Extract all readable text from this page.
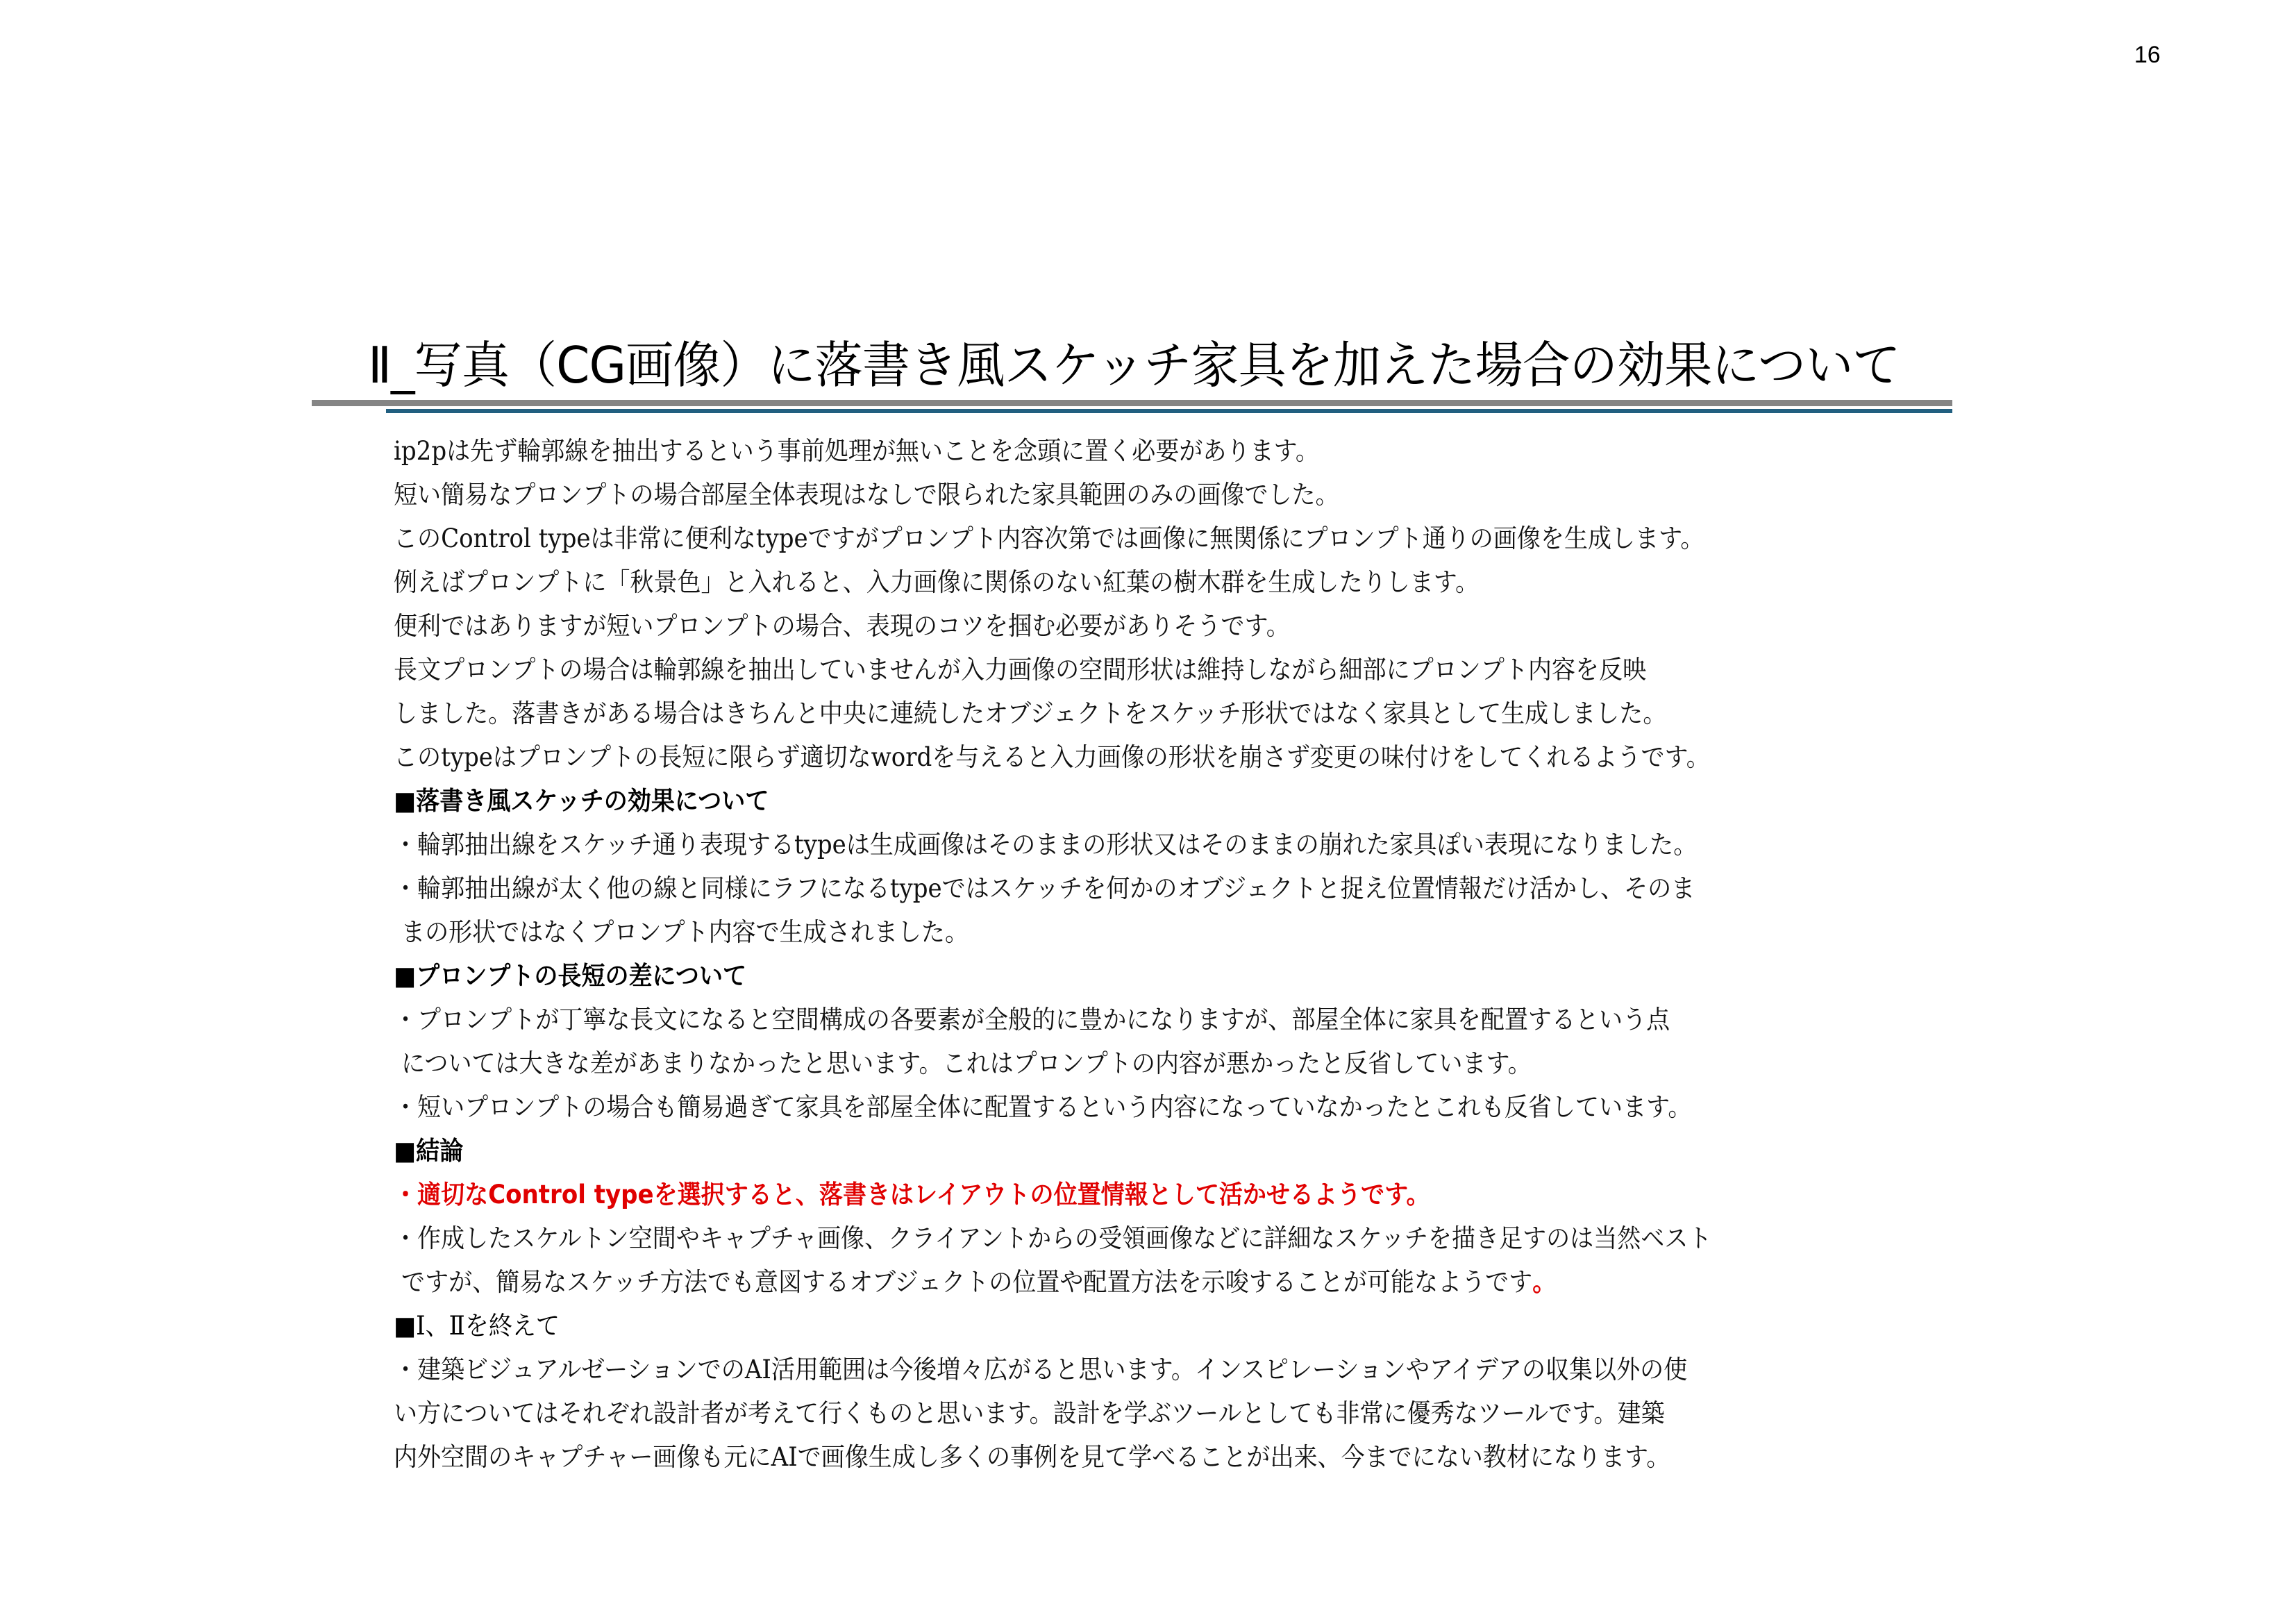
16
Ⅱ_写真（CG画像）に落書き風スケッチ家具を加えた場合の効果について
ip2pは先ず輪郭線を抽出するという事前処理が無いことを念頭に置く必要があります。
短い簡易なプロンプトの場合部屋全体表現はなしで限られた家具範囲のみの画像でした。
このControl typeは非常に便利なtypeですがプロンプト内容次第では画像に無関係にプロンプト通りの画像を生成します。
例えばプロンプトに「秋景色」と入れると、入力画像に関係のない紅葉の樹木群を生成したりします。
便利ではありますが短いプロンプトの場合、表現のコツを掴む必要がありそうです。
長文プロンプトの場合は輪郭線を抽出していませんが入力画像の空間形状は維持しながら細部にプロンプト内容を反映
しました。落書きがある場合はきちんと中央に連続したオブジェクトをスケッチ形状ではなく家具として生成しました。
このtypeはプロンプトの長短に限らず適切なwordを与えると入力画像の形状を崩さず変更の味付けをしてくれるようです。
■落書き風スケッチの効果について
・輪郭抽出線をスケッチ通り表現するtypeは生成画像はそのままの形状又はそのままの崩れた家具ぽい表現になりました。
・輪郭抽出線が太く他の線と同様にラフになるtypeではスケッチを何かのオブジェクトと捉え位置情報だけ活かし、そのま
まの形状ではなくプロンプト内容で生成されました。
■プロンプトの長短の差について
・プロンプトが丁寧な長文になると空間構成の各要素が全般的に豊かになりますが、部屋全体に家具を配置するという点
については大きな差があまりなかったと思います。これはプロンプトの内容が悪かったと反省しています。
・短いプロンプトの場合も簡易過ぎて家具を部屋全体に配置するという内容になっていなかったとこれも反省しています。
■結論
・適切なControl typeを選択すると、落書きはレイアウトの位置情報として活かせるようです。
・作成したスケルトン空間やキャプチャ画像、クライアントからの受領画像などに詳細なスケッチを描き足すのは当然ベスト
ですが、簡易なスケッチ方法でも意図するオブジェクトの位置や配置方法を示唆することが可能なようです。
■Ⅰ、Ⅱを終えて
・建築ビジュアルゼーションでのAI活用範囲は今後増々広がると思います。インスピレーションやアイデアの収集以外の使
い方についてはそれぞれ設計者が考えて行くものと思います。設計を学ぶツールとしても非常に優秀なツールです。建築
内外空間のキャプチャー画像も元にAIで画像生成し多くの事例を見て学べることが出来、今までにない教材になります。
